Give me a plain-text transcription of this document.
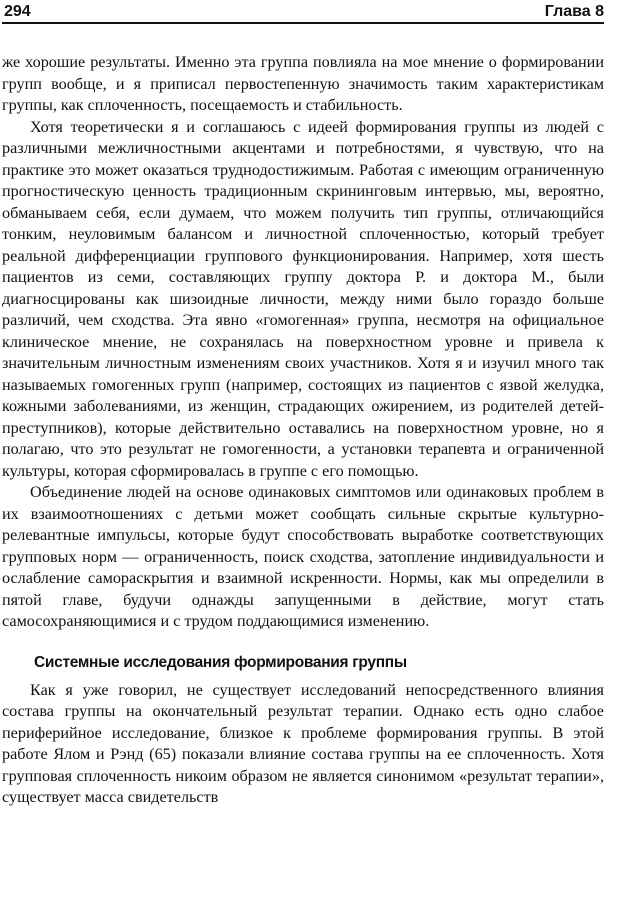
294	Глава 8

же хорошие результаты. Именно эта группа повлияла на мое мнение о формировании групп вообще, и я приписал первостепенную значимость таким характеристикам группы, как сплоченность, посещаемость и стабильность.

Хотя теоретически я и соглашаюсь с идеей формирования группы из людей с различными межличностными акцентами и потребностями, я чувствую, что на практике это может оказаться труднодостижимым. Работая с имеющим ограниченную прогностическую ценность традиционным скрининговым интервью, мы, вероятно, обманываем себя, если думаем, что можем получить тип группы, отличающийся тонким, неуловимым балансом и личностной сплоченностью, который требует реальной дифференциации группового функционирования. Например, хотя шесть пациентов из семи, составляющих группу доктора Р. и доктора М., были диагносцированы как шизоидные личности, между ними было гораздо больше различий, чем сходства. Эта явно «гомогенная» группа, несмотря на официальное клиническое мнение, не сохранялась на поверхностном уровне и привела к значительным личностным изменениям своих участников. Хотя я и изучил много так называемых гомогенных групп (например, состоящих из пациентов с язвой желудка, кожными заболеваниями, из женщин, страдающих ожирением, из родителей детей-преступников), которые действительно оставались на поверхностном уровне, но я полагаю, что это результат не гомогенности, а установки терапевта и ограниченной культуры, которая сформировалась в группе с его помощью.

Объединение людей на основе одинаковых симптомов или одинаковых проблем в их взаимоотношениях с детьми может сообщать сильные скрытые культурно-релевантные импульсы, которые будут способствовать выработке соответствующих групповых норм — ограниченность, поиск сходства, затопление индивидуальности и ослабление самораскрытия и взаимной искренности. Нормы, как мы определили в пятой главе, будучи однажды запущенными в действие, могут стать самосохраняющимися и с трудом поддающимися изменению.

Системные исследования формирования группы

Как я уже говорил, не существует исследований непосредственного влияния состава группы на окончательный результат терапии. Однако есть одно слабое периферийное исследование, близкое к проблеме формирования группы. В этой работе Ялом и Рэнд (65) показали влияние состава группы на ее сплоченность. Хотя групповая сплоченность никоим образом не является синонимом «результат терапии», существует масса свидетельств
